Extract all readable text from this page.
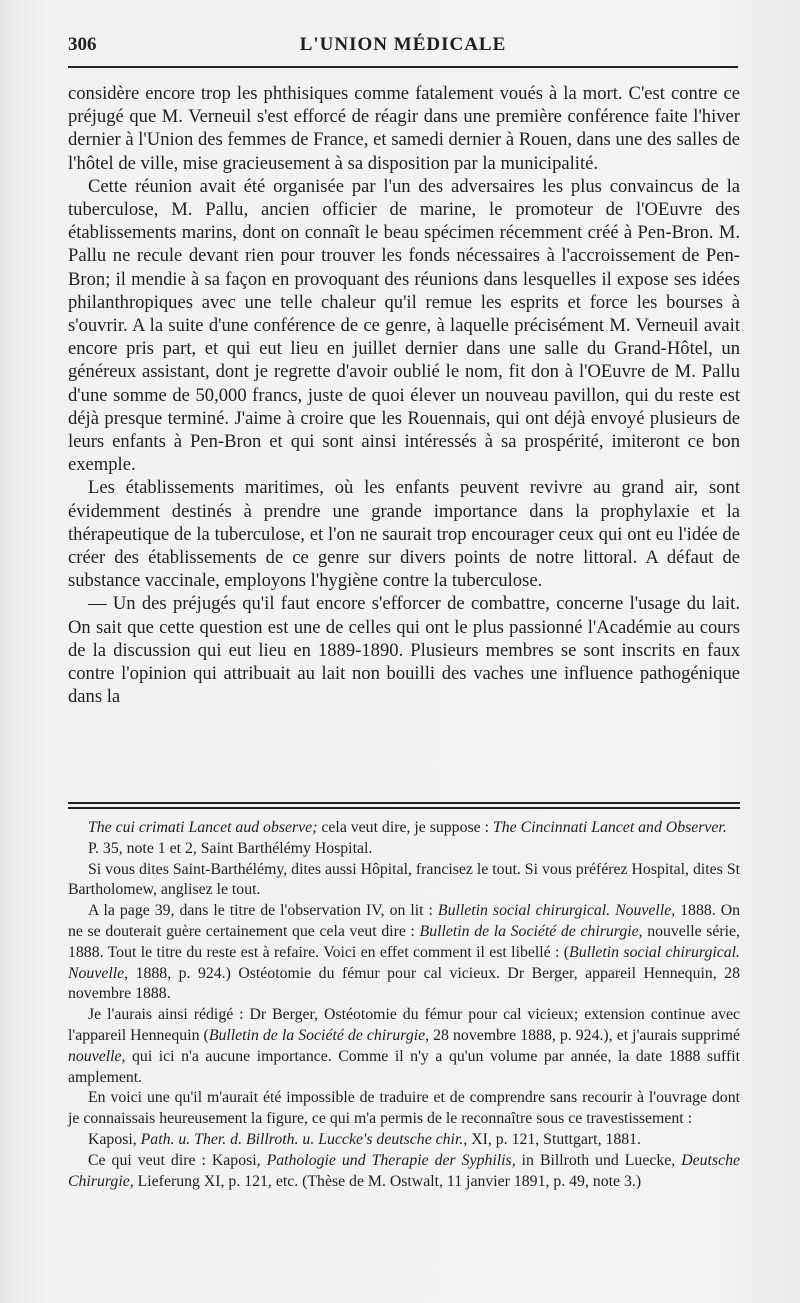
306	L'UNION MÉDICALE

considère encore trop les phthisiques comme fatalement voués à la mort. C'est contre ce préjugé que M. Verneuil s'est efforcé de réagir dans une première conférence faite l'hiver dernier à l'Union des femmes de France, et samedi dernier à Rouen, dans une des salles de l'hôtel de ville, mise gracieusement à sa disposition par la municipalité.

Cette réunion avait été organisée par l'un des adversaires les plus convaincus de la tuberculose, M. Pallu, ancien officier de marine, le promoteur de l'OEuvre des établissements marins, dont on connaît le beau spécimen récemment créé à Pen-Bron. M. Pallu ne recule devant rien pour trouver les fonds nécessaires à l'accroissement de Pen-Bron; il mendie à sa façon en provoquant des réunions dans lesquelles il expose ses idées philanthropiques avec une telle chaleur qu'il remue les esprits et force les bourses à s'ouvrir. A la suite d'une conférence de ce genre, à laquelle précisément M. Verneuil avait encore pris part, et qui eut lieu en juillet dernier dans une salle du Grand-Hôtel, un généreux assistant, dont je regrette d'avoir oublié le nom, fit don à l'OEuvre de M. Pallu d'une somme de 50,000 francs, juste de quoi élever un nouveau pavillon, qui du reste est déjà presque terminé. J'aime à croire que les Rouennais, qui ont déjà envoyé plusieurs de leurs enfants à Pen-Bron et qui sont ainsi intéressés à sa prospérité, imiteront ce bon exemple.

Les établissements maritimes, où les enfants peuvent revivre au grand air, sont évidemment destinés à prendre une grande importance dans la prophylaxie et la thérapeutique de la tuberculose, et l'on ne saurait trop encourager ceux qui ont eu l'idée de créer des établissements de ce genre sur divers points de notre littoral. A défaut de substance vaccinale, employons l'hygiène contre la tuberculose.

— Un des préjugés qu'il faut encore s'efforcer de combattre, concerne l'usage du lait. On sait que cette question est une de celles qui ont le plus passionné l'Académie au cours de la discussion qui eut lieu en 1889-1890. Plusieurs membres se sont inscrits en faux contre l'opinion qui attribuait au lait non bouilli des vaches une influence pathogénique dans la

The cui crimati Lancet aud observe; cela veut dire, je suppose : The Cincinnati Lancet and Observer.

P. 35, note 1 et 2, Saint Barthélémy Hospital.

Si vous dites Saint-Barthélémy, dites aussi Hôpital, francisez le tout. Si vous préférez Hospital, dites St Bartholomew, anglisez le tout.

A la page 39, dans le titre de l'observation IV, on lit : Bulletin social chirurgical. Nouvelle, 1888. On ne se douterait guère certainement que cela veut dire : Bulletin de la Société de chirurgie, nouvelle série, 1888. Tout le titre du reste est à refaire. Voici en effet comment il est libellé : (Bulletin social chirurgical. Nouvelle, 1888, p. 924.) Ostéotomie du fémur pour cal vicieux. Dr Berger, appareil Hennequin, 28 novembre 1888.

Je l'aurais ainsi rédigé : Dr Berger, Ostéotomie du fémur pour cal vicieux; extension continue avec l'appareil Hennequin (Bulletin de la Société de chirurgie, 28 novembre 1888, p. 924.), et j'aurais supprimé nouvelle, qui ici n'a aucune importance. Comme il n'y a qu'un volume par année, la date 1888 suffit amplement.

En voici une qu'il m'aurait été impossible de traduire et de comprendre sans recourir à l'ouvrage dont je connaissais heureusement la figure, ce qui m'a permis de le reconnaître sous ce travestissement :

Kaposi, Path. u. Ther. d. Billroth. u. Luccke's deutsche chir., XI, p. 121, Stuttgart, 1881.

Ce qui veut dire : Kaposi, Pathologie und Therapie der Syphilis, in Billroth und Luecke, Deutsche Chirurgie, Lieferung XI, p. 121, etc. (Thèse de M. Ostwalt, 11 janvier 1891, p. 49, note 3.)
